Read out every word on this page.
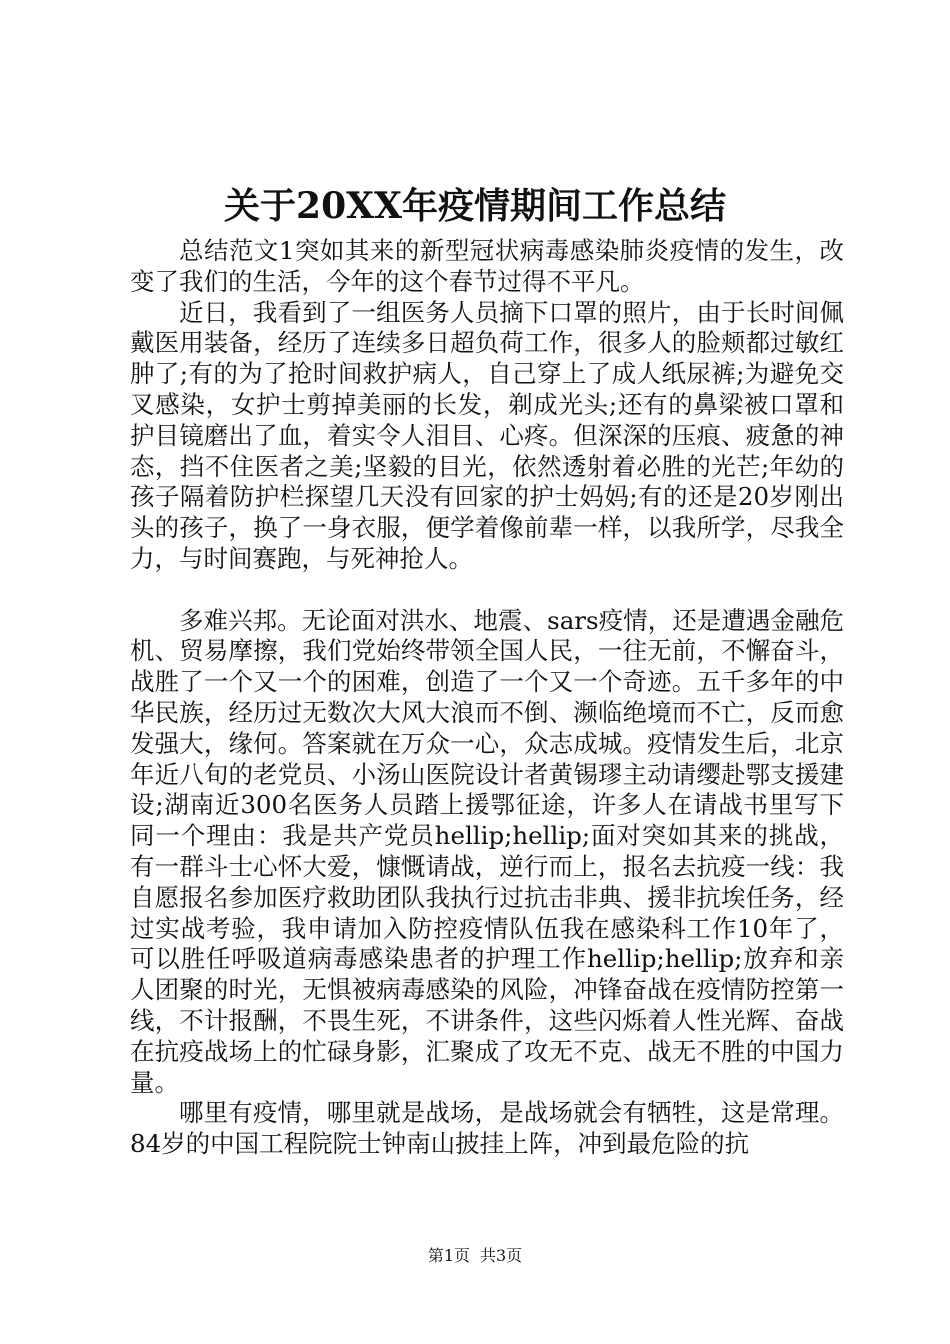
关于20XX年疫情期间工作总结

总结范文1突如其来的新型冠状病毒感染肺炎疫情的发生，改变了我们的生活，今年的这个春节过得不平凡。

近日，我看到了一组医务人员摘下口罩的照片，由于长时间佩戴医用装备，经历了连续多日超负荷工作，很多人的脸颊都过敏红肿了;有的为了抢时间救护病人，自己穿上了成人纸尿裤;为避免交叉感染，女护士剪掉美丽的长发，剃成光头;还有的鼻梁被口罩和护目镜磨出了血，着实令人泪目、心疼。但深深的压痕、疲惫的神态，挡不住医者之美;坚毅的目光，依然透射着必胜的光芒;年幼的孩子隔着防护栏探望几天没有回家的护士妈妈;有的还是20岁刚出头的孩子，换了一身衣服，便学着像前辈一样，以我所学，尽我全力，与时间赛跑，与死神抢人。

多难兴邦。无论面对洪水、地震、sars疫情，还是遭遇金融危机、贸易摩擦，我们党始终带领全国人民，一往无前，不懈奋斗，战胜了一个又一个的困难，创造了一个又一个奇迹。五千多年的中华民族，经历过无数次大风大浪而不倒、濒临绝境而不亡，反而愈发强大，缘何。答案就在万众一心，众志成城。疫情发生后，北京年近八旬的老党员、小汤山医院设计者黄锡璆主动请缨赴鄂支援建设;湖南近300名医务人员踏上援鄂征途，许多人在请战书里写下同一个理由：我是共产党员hellip;hellip;面对突如其来的挑战，有一群斗士心怀大爱，慷慨请战，逆行而上，报名去抗疫一线：我自愿报名参加医疗救助团队我执行过抗击非典、援非抗埃任务，经过实战考验，我申请加入防控疫情队伍我在感染科工作10年了，可以胜任呼吸道病毒感染患者的护理工作hellip;hellip;放弃和亲人团聚的时光，无惧被病毒感染的风险，冲锋奋战在疫情防控第一线，不计报酬，不畏生死，不讲条件，这些闪烁着人性光辉、奋战在抗疫战场上的忙碌身影，汇聚成了攻无不克、战无不胜的中国力量。

哪里有疫情，哪里就是战场，是战场就会有牺牲，这是常理。84岁的中国工程院院士钟南山披挂上阵，冲到最危险的抗

第1页 共3页
